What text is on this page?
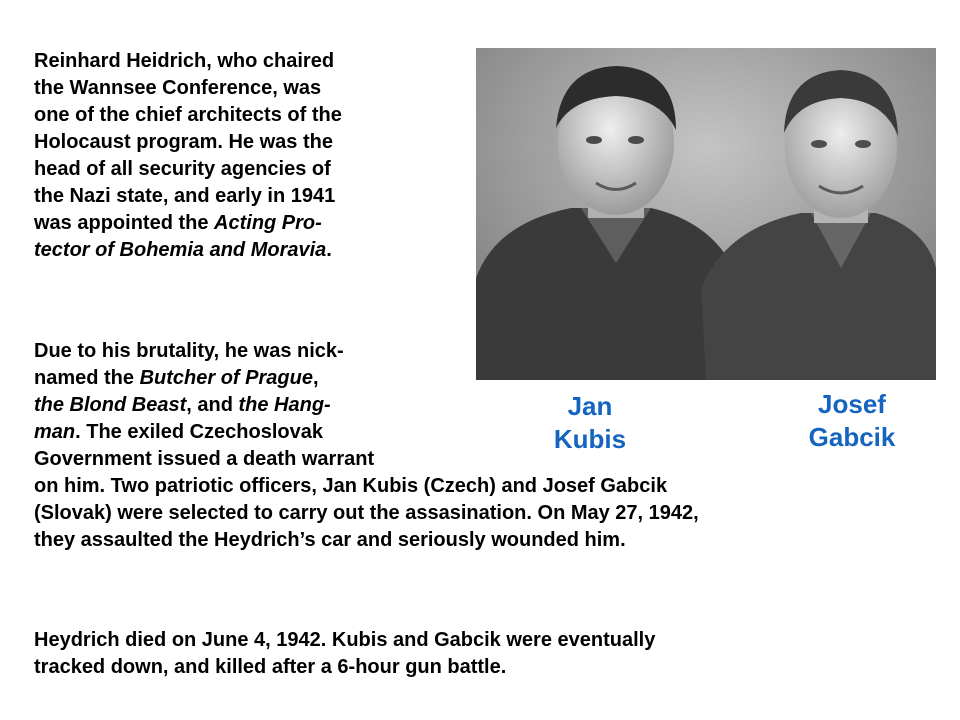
Reinhard Heidrich, who chaired
the Wannsee Conference, was
one of the chief architects of the
Holocaust program. He was the
head of all security agencies of
the Nazi state, and early in 1941
was appointed the Acting Pro-
tector of Bohemia and Moravia.
Due to his brutality, he was nick-
named the Butcher of Prague,
the Blond Beast, and the Hang-
man. The exiled Czechoslovak
Government issued a death warrant
on him. Two patriotic officers, Jan Kubis (Czech) and Josef Gabcik
(Slovak) were selected to carry out the assasination. On May 27, 1942,
they assaulted the Heydrich’s car and seriously wounded him.
Heydrich died on June 4, 1942. Kubis and Gabcik were eventually
tracked down, and killed after a 6-hour gun battle.
Jan
Kubis
Josef
Gabcik
